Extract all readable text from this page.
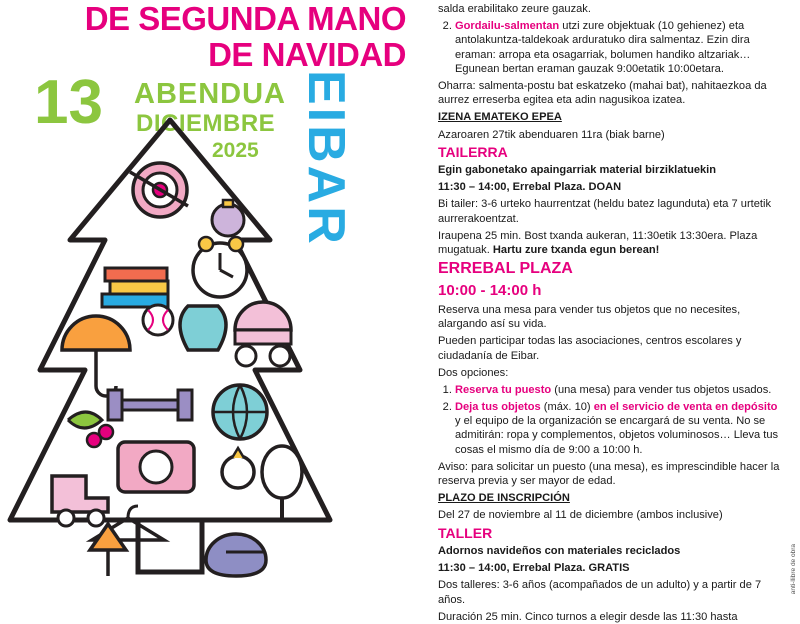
DE SEGUNDA MANO
DE NAVIDAD
13 ABENDUA
DICIEMBRE
2025 EIBAR

salda erabilitako zeure gauzak.

2. Gordailu-salmentan utzi zure objektuak (10 gehienez) eta antolakuntza-taldekoak arduratuko dira salmentaz. Ezin dira eraman: arropa eta osagarriak, bolumen handiko altzariak… Egunean bertan eraman gauzak 9:00etatik 10:00etara.

Oharra: salmenta-postu bat eskatzeko (mahai bat), nahitaezkoa da aurrez erreserba egitea eta adin nagusikoa izatea.

IZENA EMATEKO EPEA

Azaroaren 27tik abenduaren 11ra (biak barne)

TAILERRA

Egin gabonetako apaingarriak material birziklatuekin

11:30 – 14:00, Errebal Plaza. DOAN

Bi tailer: 3-6 urteko haurrentzat (heldu batez lagunduta) eta 7 urtetik aurrerakoentzat.

Iraupena 25 min. Bost txanda aukeran, 11:30etik 13:30era. Plaza mugatuak. Hartu zure txanda egun berean!

ERREBAL PLAZA

10:00 - 14:00 h

Reserva una mesa para vender tus objetos que no necesites, alargando así su vida.

Pueden participar todas las asociaciones, centros escolares y ciudadanía de Eibar.

Dos opciones:

1. Reserva tu puesto (una mesa) para vender tus objetos usados.
2. Deja tus objetos (máx. 10) en el servicio de venta en depósito y el equipo de la organización se encargará de su venta. No se admitirán: ropa y complementos, objetos voluminosos… Lleva tus cosas el mismo día de 9:00 a 10:00 h.

Aviso: para solicitar un puesto (una mesa), es imprescindible hacer la reserva previa y ser mayor de edad.

PLAZO DE INSCRIPCIÓN

Del 27 de noviembre al 11 de diciembre (ambos inclusive)

TALLER

Adornos navideños con materiales reciclados

11:30 – 14:00, Errebal Plaza. GRATIS

Dos talleres: 3-6 años (acompañados de un adulto) y a partir de 7 años.

Duración 25 min. Cinco turnos a elegir desde las 11:30 hasta

anti-llibre de obra
